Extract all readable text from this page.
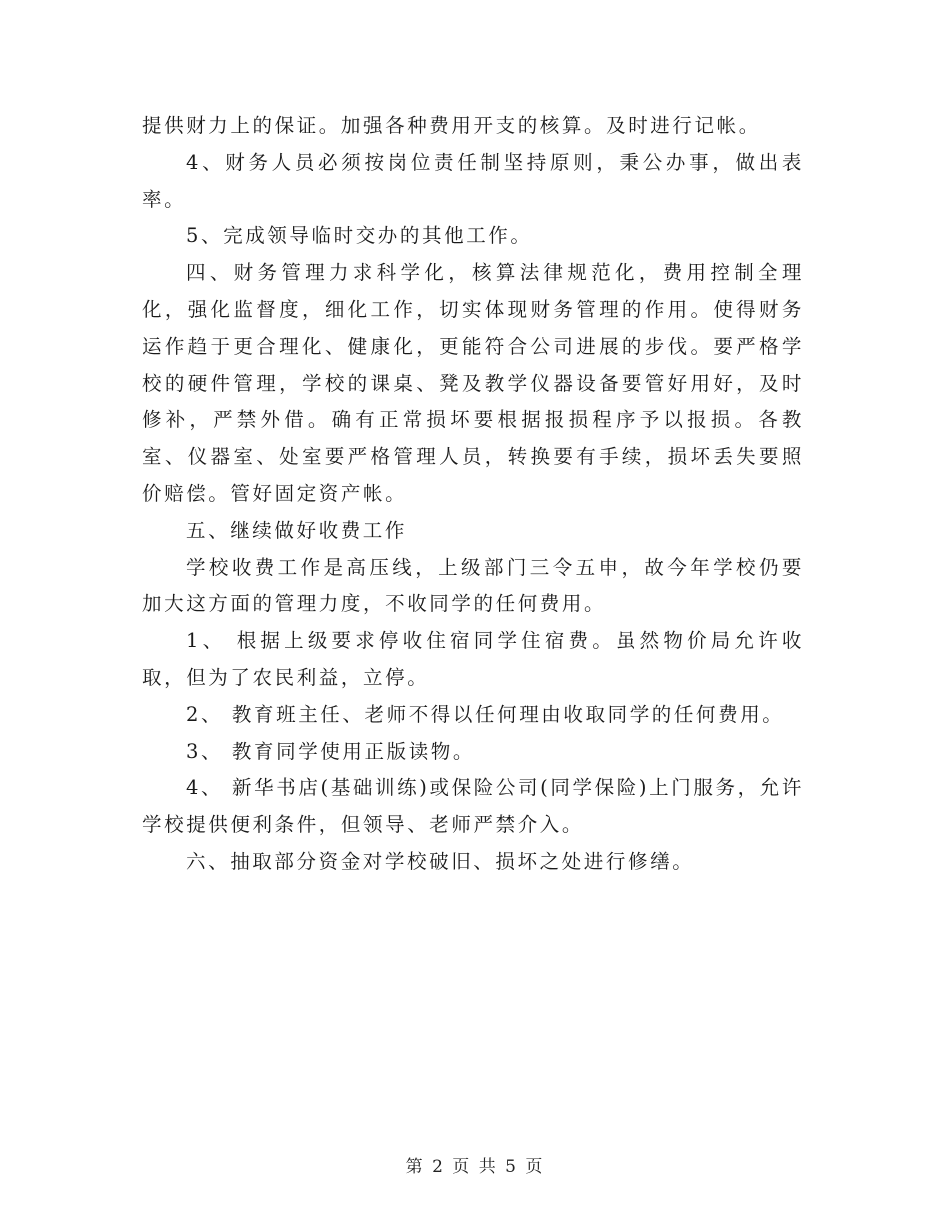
提供财力上的保证。加强各种费用开支的核算。及时进行记帐。

4、财务人员必须按岗位责任制坚持原则，秉公办事，做出表率。

5、完成领导临时交办的其他工作。

四、财务管理力求科学化，核算法律规范化，费用控制全理化，强化监督度，细化工作，切实体现财务管理的作用。使得财务运作趋于更合理化、健康化，更能符合公司进展的步伐。要严格学校的硬件管理，学校的课桌、凳及教学仪器设备要管好用好，及时修补，严禁外借。确有正常损坏要根据报损程序予以报损。各教室、仪器室、处室要严格管理人员，转换要有手续，损坏丢失要照价赔偿。管好固定资产帐。

五、继续做好收费工作

学校收费工作是高压线，上级部门三令五申，故今年学校仍要加大这方面的管理力度，不收同学的任何费用。

1、 根据上级要求停收住宿同学住宿费。虽然物价局允许收取，但为了农民利益，立停。

2、 教育班主任、老师不得以任何理由收取同学的任何费用。

3、 教育同学使用正版读物。

4、 新华书店(基础训练)或保险公司(同学保险)上门服务，允许学校提供便利条件，但领导、老师严禁介入。

六、抽取部分资金对学校破旧、损坏之处进行修缮。

第 2 页 共 5 页
